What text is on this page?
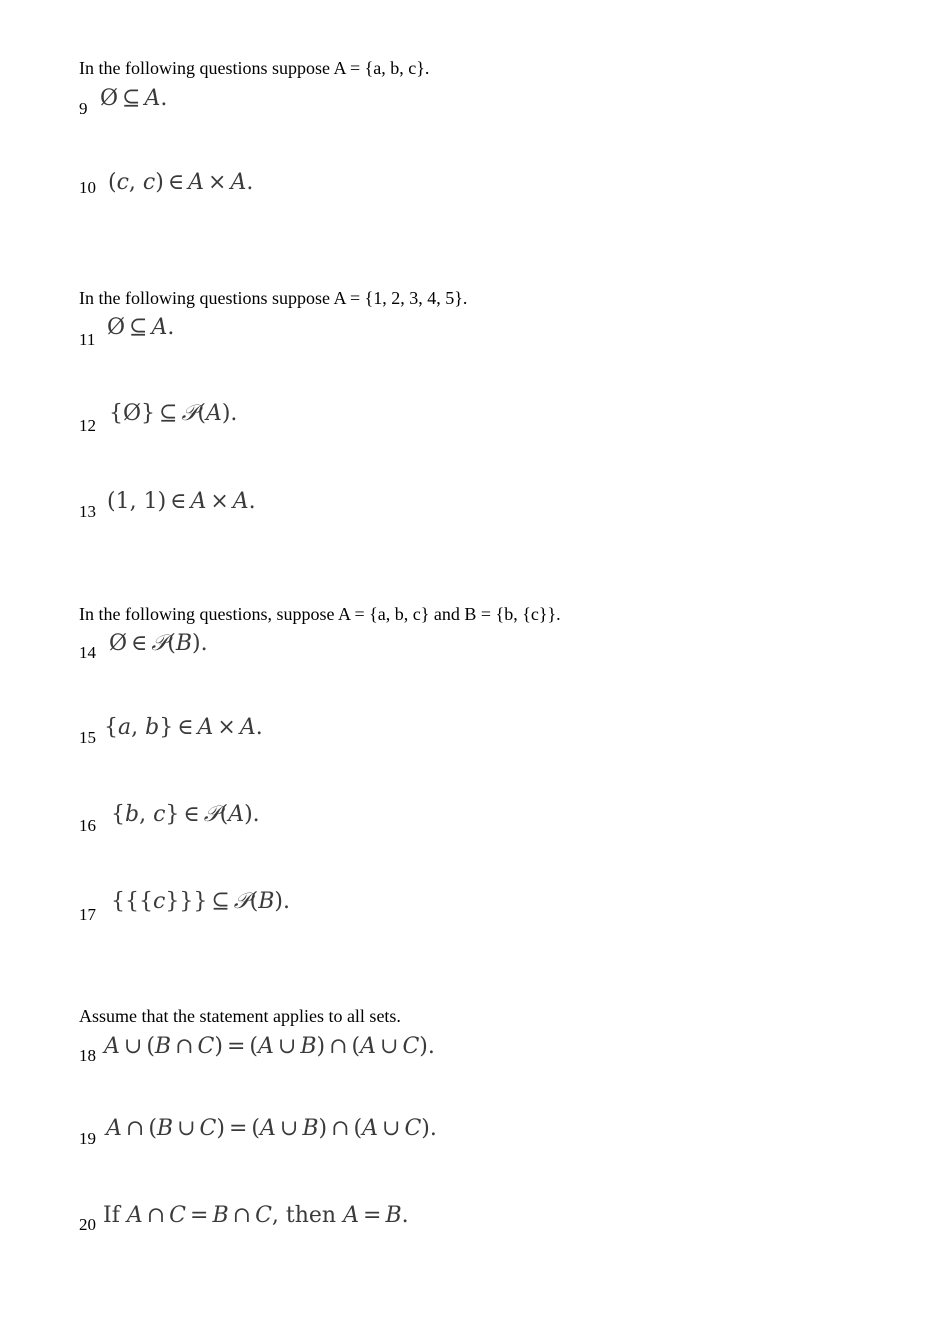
In the following questions suppose A = {a, b, c}.
9 Ø ⊆ A.
10 (c, c) ∈ A × A.
In the following questions suppose A = {1, 2, 3, 4, 5}.
11 Ø ⊆ A.
12 {Ø} ⊆ 𝒫(A).
13 (1, 1) ∈ A × A.
In the following questions, suppose A = {a, b, c} and B = {b, {c}}.
14 Ø ∈ 𝒫(B).
15 {a, b} ∈ A × A.
16 {b, c} ∈ 𝒫(A).
17
{{{c}}} ⊆ 𝒫(B).
Assume that the statement applies to all sets.
18 A ∪ (B ∩ C) = (A ∪ B) ∩ (A ∪ C).
19 A ∩ (B ∪ C) = (A ∪ B) ∩ (A ∪ C).
20 If A ∩ C = B ∩ C, then A = B.
